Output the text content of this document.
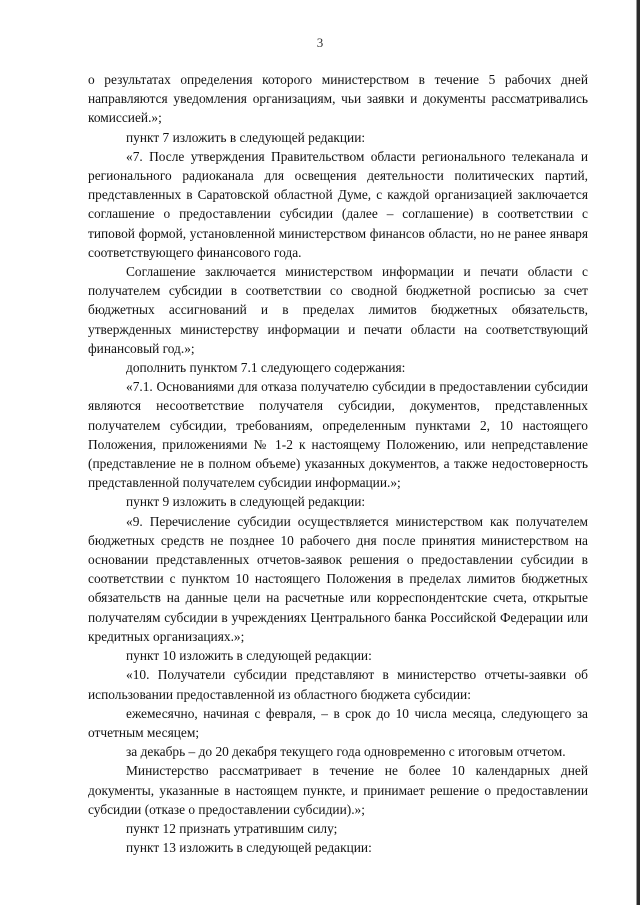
3

о результатах определения которого министерством в течение 5 рабочих дней направляются уведомления организациям, чьи заявки и документы рассматривались комиссией.»;

пункт 7 изложить в следующей редакции:

«7. После утверждения Правительством области регионального телеканала и регионального радиоканала для освещения деятельности политических партий, представленных в Саратовской областной Думе, с каждой организацией заключается соглашение о предоставлении субсидии (далее – соглашение) в соответствии с типовой формой, установленной министерством финансов области, но не ранее января соответствующего финансового года.

Соглашение заключается министерством информации и печати области с получателем субсидии в соответствии со сводной бюджетной росписью за счет бюджетных ассигнований и в пределах лимитов бюджетных обязательств, утвержденных министерству информации и печати области на соответствующий финансовый год.»;

дополнить пунктом 7.1 следующего содержания:

«7.1. Основаниями для отказа получателю субсидии в предоставлении субсидии являются несоответствие получателя субсидии, документов, представленных получателем субсидии, требованиям, определенным пунктами 2, 10 настоящего Положения, приложениями № 1-2 к настоящему Положению, или непредставление (представление не в полном объеме) указанных документов, а также недостоверность представленной получателем субсидии информации.»;

пункт 9 изложить в следующей редакции:

«9. Перечисление субсидии осуществляется министерством как получателем бюджетных средств не позднее 10 рабочего дня после принятия министерством на основании представленных отчетов-заявок решения о предоставлении субсидии в соответствии с пунктом 10 настоящего Положения в пределах лимитов бюджетных обязательств на данные цели на расчетные или корреспондентские счета, открытые получателям субсидии в учреждениях Центрального банка Российской Федерации или кредитных организациях.»;

пункт 10 изложить в следующей редакции:

«10. Получатели субсидии представляют в министерство отчеты-заявки об использовании предоставленной из областного бюджета субсидии:

ежемесячно, начиная с февраля, – в срок до 10 числа месяца, следующего за отчетным месяцем;

за декабрь – до 20 декабря текущего года одновременно с итоговым отчетом.

Министерство рассматривает в течение не более 10 календарных дней документы, указанные в настоящем пункте, и принимает решение о предоставлении субсидии (отказе о предоставлении субсидии).»;

пункт 12 признать утратившим силу;

пункт 13 изложить в следующей редакции:
